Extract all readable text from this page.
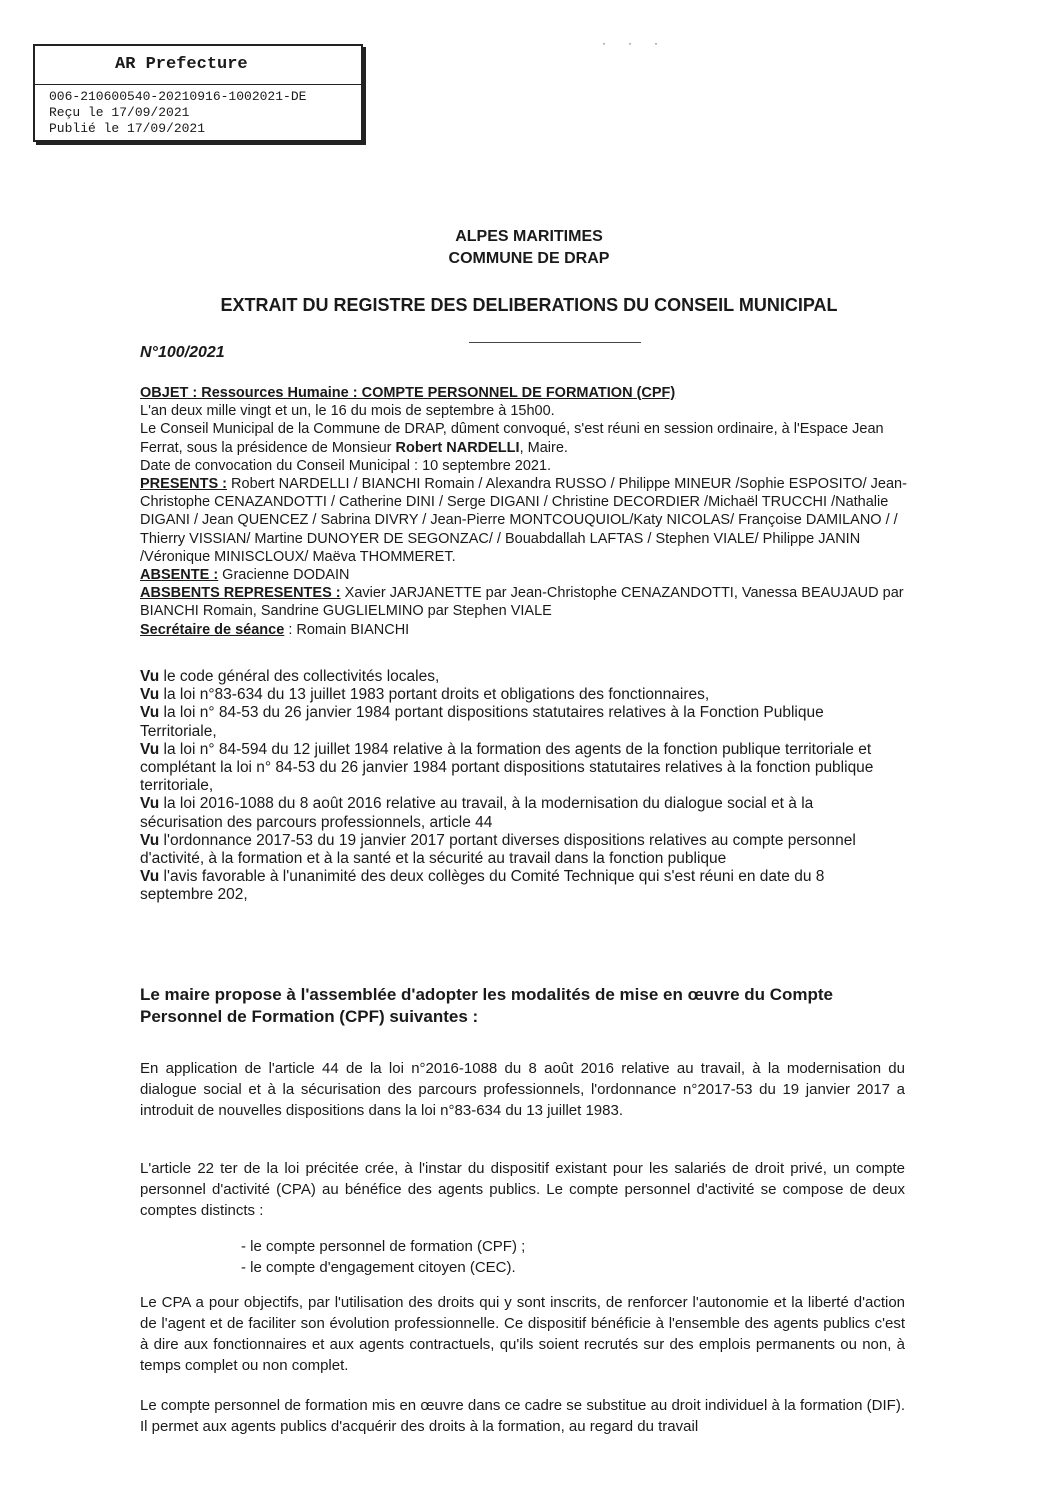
AR Prefecture
006-210600540-20210916-1002021-DE
Reçu le 17/09/2021
Publié le 17/09/2021
···
ALPES MARITIMES
COMMUNE DE DRAP
EXTRAIT DU REGISTRE DES DELIBERATIONS DU CONSEIL MUNICIPAL
N°100/2021

OBJET : Ressources Humaine : COMPTE PERSONNEL DE FORMATION (CPF)

L'an deux mille vingt et un, le 16 du mois de septembre à 15h00.

Le Conseil Municipal de la Commune de DRAP, dûment convoqué, s'est réuni en session ordinaire, à l'Espace Jean Ferrat, sous la présidence de Monsieur Robert NARDELLI, Maire.

Date de convocation du Conseil Municipal : 10 septembre 2021.

PRESENTS : Robert NARDELLI / BIANCHI Romain / Alexandra RUSSO / Philippe MINEUR /Sophie ESPOSITO/ Jean-Christophe CENAZANDOTTI / Catherine DINI / Serge DIGANI / Christine DECORDIER /Michaël TRUCCHI /Nathalie DIGANI / Jean QUENCEZ / Sabrina DIVRY / Jean-Pierre MONTCOUQUIOL/Katy NICOLAS/ Françoise DAMILANO / / Thierry VISSIAN/ Martine DUNOYER DE SEGONZAC/ / Bouabdallah LAFTAS / Stephen VIALE/ Philippe JANIN /Véronique MINISCLOUX/ Maëva THOMMERET.

ABSENTE : Gracienne DODAIN

ABSBENTS REPRESENTES : Xavier JARJANETTE par Jean-Christophe CENAZANDOTTI, Vanessa BEAUJAUD par BIANCHI Romain, Sandrine GUGLIELMINO par Stephen VIALE

Secrétaire de séance : Romain BIANCHI

Vu le code général des collectivités locales,

Vu la loi n°83-634 du 13 juillet 1983 portant droits et obligations des fonctionnaires,

Vu la loi n° 84-53 du 26 janvier 1984 portant dispositions statutaires relatives à la Fonction Publique Territoriale,

Vu la loi n° 84-594 du 12 juillet 1984 relative à la formation des agents de la fonction publique territoriale et complétant la loi n° 84-53 du 26 janvier 1984 portant dispositions statutaires relatives à la fonction publique territoriale,

Vu la loi 2016-1088 du 8 août 2016 relative au travail, à la modernisation du dialogue social et à la sécurisation des parcours professionnels, article 44

Vu l'ordonnance 2017-53 du 19 janvier 2017 portant diverses dispositions relatives au compte personnel d'activité, à la formation et à la santé et la sécurité au travail dans la fonction publique

Vu l'avis favorable à l'unanimité des deux collèges du Comité Technique qui s'est réuni en date du 8 septembre 202,

Le maire propose à l'assemblée d'adopter les modalités de mise en œuvre du Compte Personnel de Formation (CPF) suivantes :
En application de l'article 44 de la loi n°2016-1088 du 8 août 2016 relative au travail, à la modernisation du dialogue social et à la sécurisation des parcours professionnels, l'ordonnance n°2017-53 du 19 janvier 2017 a introduit de nouvelles dispositions dans la loi n°83-634 du 13 juillet 1983.
L'article 22 ter de la loi précitée crée, à l'instar du dispositif existant pour les salariés de droit privé, un compte personnel d'activité (CPA) au bénéfice des agents publics. Le compte personnel d'activité se compose de deux comptes distincts :
- le compte personnel de formation (CPF) ;
- le compte d'engagement citoyen (CEC).
Le CPA a pour objectifs, par l'utilisation des droits qui y sont inscrits, de renforcer l'autonomie et la liberté d'action de l'agent et de faciliter son évolution professionnelle. Ce dispositif bénéficie à l'ensemble des agents publics c'est à dire aux fonctionnaires et aux agents contractuels, qu'ils soient recrutés sur des emplois permanents ou non, à temps complet ou non complet.
Le compte personnel de formation mis en œuvre dans ce cadre se substitue au droit individuel à la formation (DIF). Il permet aux agents publics d'acquérir des droits à la formation, au regard du travail
